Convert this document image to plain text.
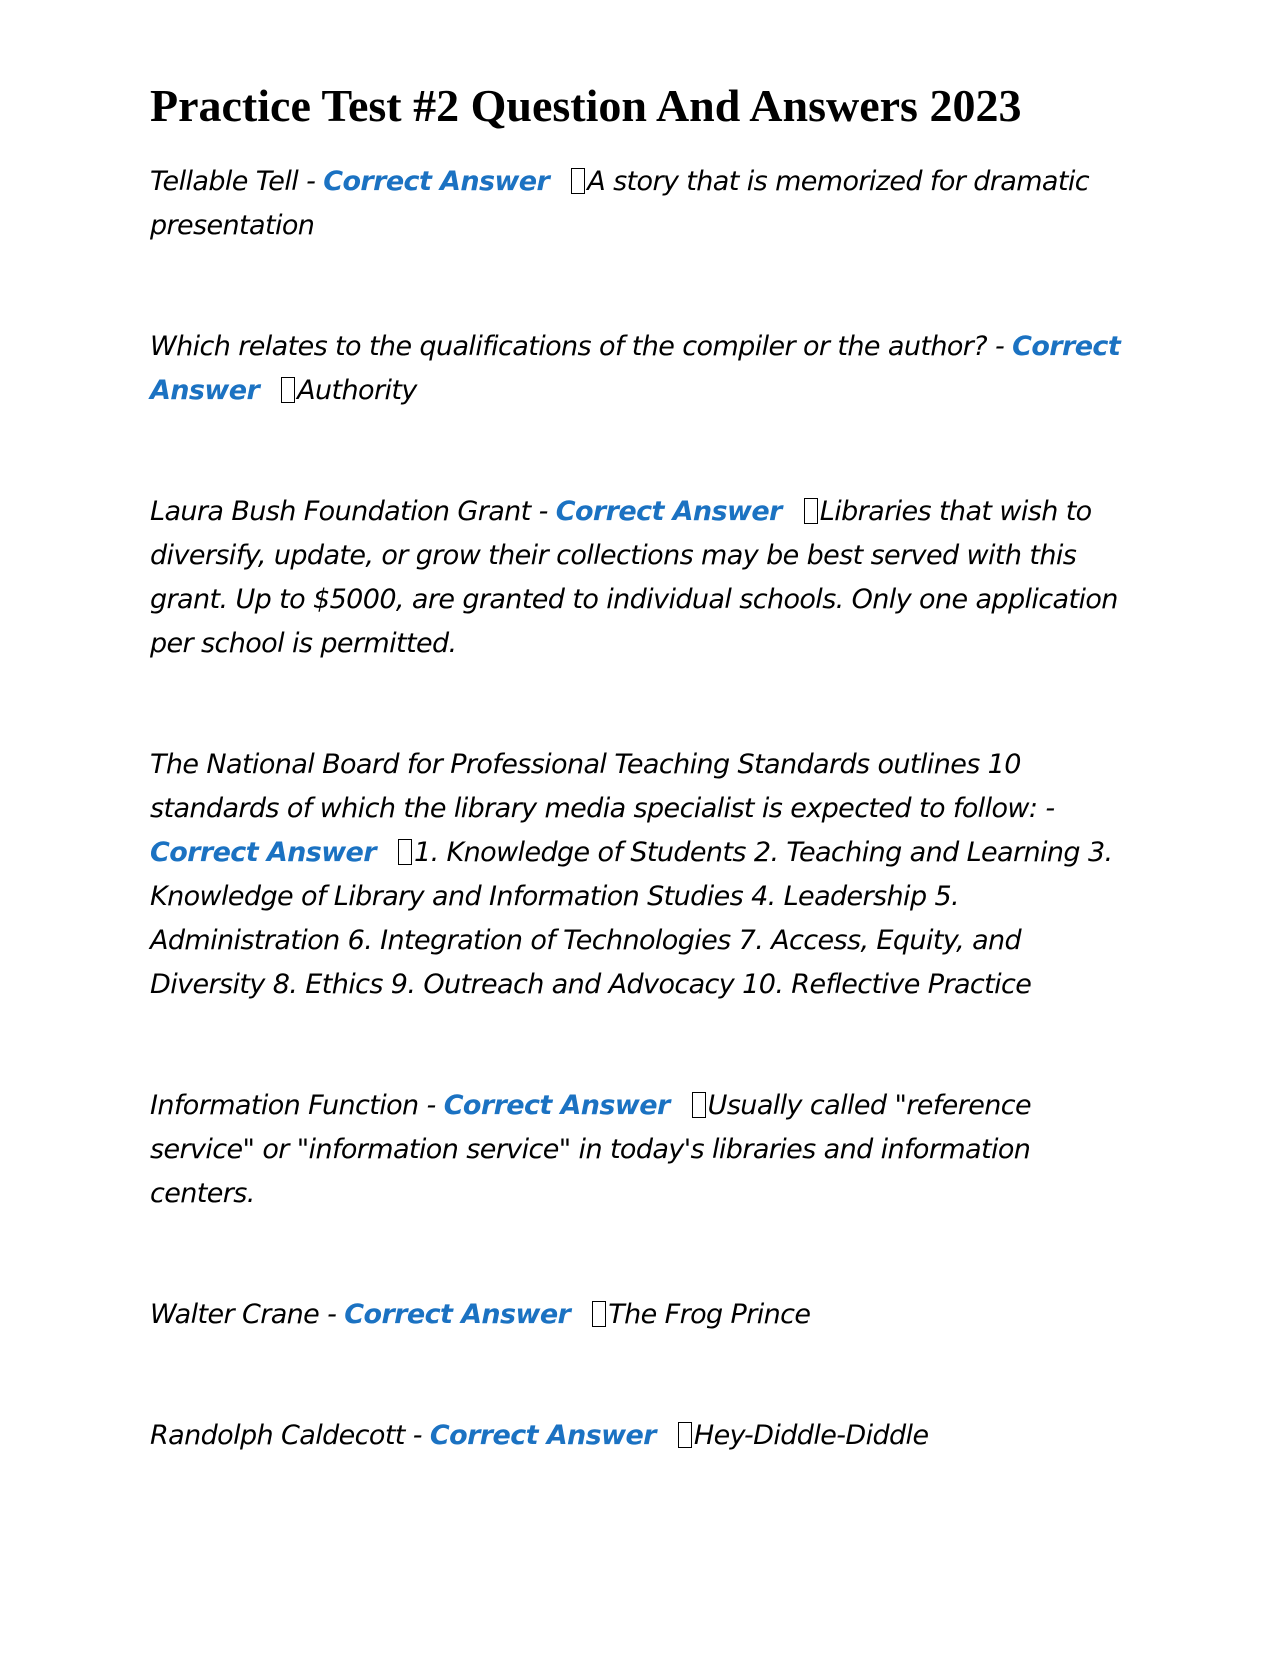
Practice Test #2 Question And Answers 2023

Tellable Tell - Correct Answer A story that is memorized for dramatic presentation

Which relates to the qualifications of the compiler or the author? - Correct Answer Authority

Laura Bush Foundation Grant - Correct Answer Libraries that wish to diversify, update, or grow their collections may be best served with this grant. Up to $5000, are granted to individual schools. Only one application per school is permitted.

The National Board for Professional Teaching Standards outlines 10 standards of which the library media specialist is expected to follow: - Correct Answer 1. Knowledge of Students 2. Teaching and Learning 3. Knowledge of Library and Information Studies 4. Leadership 5. Administration 6. Integration of Technologies 7. Access, Equity, and Diversity 8. Ethics 9. Outreach and Advocacy 10. Reflective Practice

Information Function - Correct Answer Usually called "reference service" or "information service" in today's libraries and information centers.

Walter Crane - Correct Answer The Frog Prince

Randolph Caldecott - Correct Answer Hey-Diddle-Diddle
